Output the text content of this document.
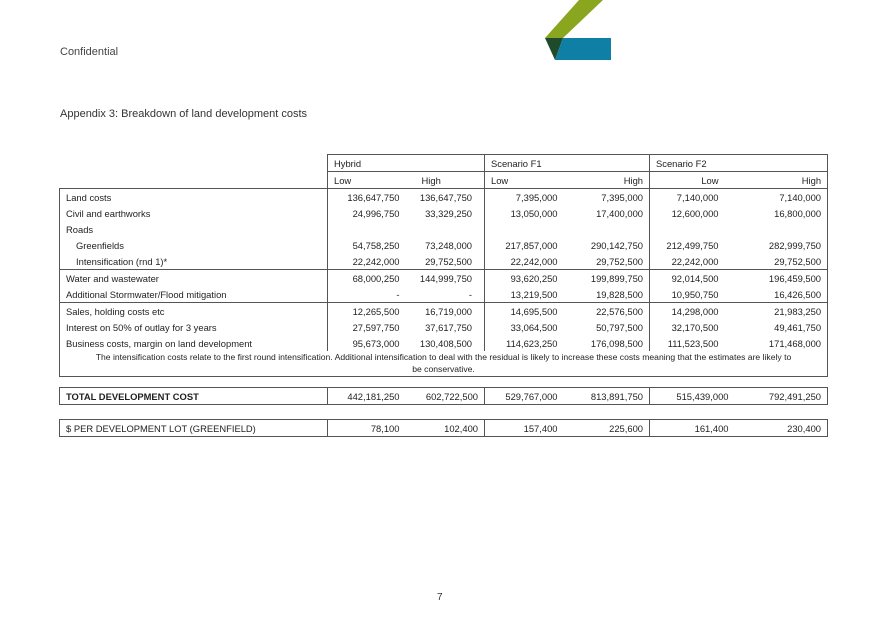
Confidential
Appendix 3: Breakdown of land development costs
	Hybrid		Scenario F1		Scenario F2	
	Low	High	Low	High	Low	High
Land costs	136,647,750	136,647,750	7,395,000	7,395,000	7,140,000	7,140,000
Civil and earthworks	24,996,750	33,329,250	13,050,000	17,400,000	12,600,000	16,800,000
Roads						
Greenfields	54,758,250	73,248,000	217,857,000	290,142,750	212,499,750	282,999,750
Intensification (rnd 1)*	22,242,000	29,752,500	22,242,000	29,752,500	22,242,000	29,752,500
Water and wastewater	68,000,250	144,999,750	93,620,250	199,899,750	92,014,500	196,459,500
Additional Stormwater/Flood mitigation	-	-	13,219,500	19,828,500	10,950,750	16,426,500
Sales, holding costs etc	12,265,500	16,719,000	14,695,500	22,576,500	14,298,000	21,983,250
Interest on 50% of outlay for 3 years	27,597,750	37,617,750	33,064,500	50,797,500	32,170,500	49,461,750
Business costs, margin on land development	95,673,000	130,408,500	114,623,250	176,098,500	111,523,500	171,468,000
The intensification costs relate to the first round intensification. Additional intensification to deal with the residual is likely to increase these costs meaning that the estimates are likely to be conservative.						
TOTAL DEVELOPMENT COST	442,181,250	602,722,500	529,767,000	813,891,750	515,439,000	792,491,250
$ PER DEVELOPMENT LOT (GREENFIELD)	78,100	102,400	157,400	225,600	161,400	230,400
7
